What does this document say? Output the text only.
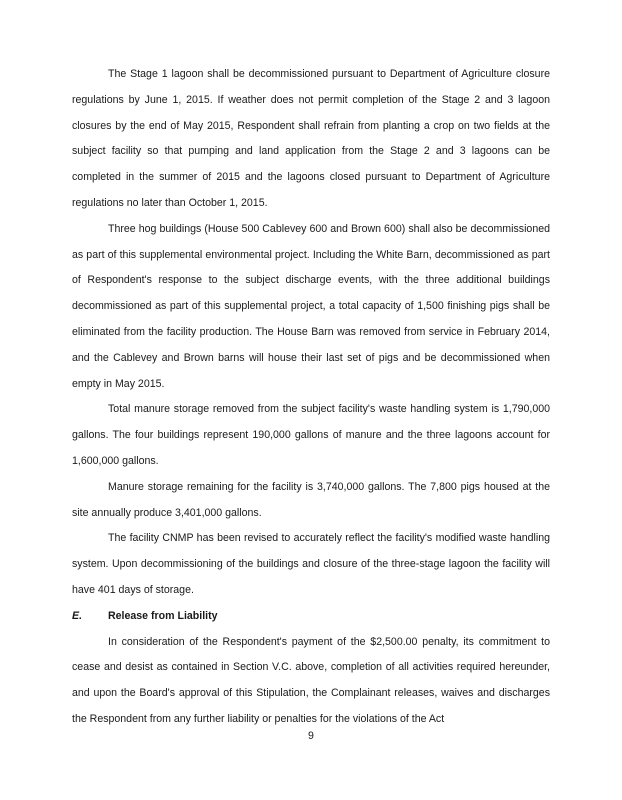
The Stage 1 lagoon shall be decommissioned pursuant to Department of Agriculture closure regulations by June 1, 2015. If weather does not permit completion of the Stage 2 and 3 lagoon closures by the end of May 2015, Respondent shall refrain from planting a crop on two fields at the subject facility so that pumping and land application from the Stage 2 and 3 lagoons can be completed in the summer of 2015 and the lagoons closed pursuant to Department of Agriculture regulations no later than October 1, 2015.

Three hog buildings (House 500 Cablevey 600 and Brown 600) shall also be decommissioned as part of this supplemental environmental project. Including the White Barn, decommissioned as part of Respondent's response to the subject discharge events, with the three additional buildings decommissioned as part of this supplemental project, a total capacity of 1,500 finishing pigs shall be eliminated from the facility production. The House Barn was removed from service in February 2014, and the Cablevey and Brown barns will house their last set of pigs and be decommissioned when empty in May 2015.

Total manure storage removed from the subject facility's waste handling system is 1,790,000 gallons. The four buildings represent 190,000 gallons of manure and the three lagoons account for 1,600,000 gallons.

Manure storage remaining for the facility is 3,740,000 gallons. The 7,800 pigs housed at the site annually produce 3,401,000 gallons.

The facility CNMP has been revised to accurately reflect the facility's modified waste handling system. Upon decommissioning of the buildings and closure of the three-stage lagoon the facility will have 401 days of storage.

E. Release from Liability

In consideration of the Respondent's payment of the $2,500.00 penalty, its commitment to cease and desist as contained in Section V.C. above, completion of all activities required hereunder, and upon the Board's approval of this Stipulation, the Complainant releases, waives and discharges the Respondent from any further liability or penalties for the violations of the Act

9
